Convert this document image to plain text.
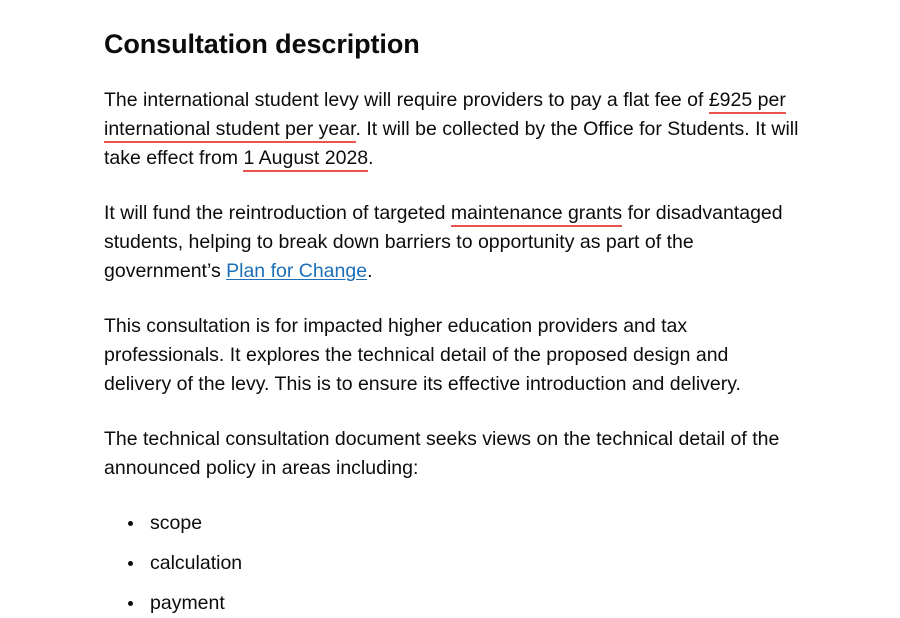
Consultation description

The international student levy will require providers to pay a flat fee of £925 per international student per year. It will be collected by the Office for Students. It will take effect from 1 August 2028.

It will fund the reintroduction of targeted maintenance grants for disadvantaged students, helping to break down barriers to opportunity as part of the government’s Plan for Change.

This consultation is for impacted higher education providers and tax professionals. It explores the technical detail of the proposed design and delivery of the levy. This is to ensure its effective introduction and delivery.

The technical consultation document seeks views on the technical detail of the announced policy in areas including:

scope
calculation
payment
